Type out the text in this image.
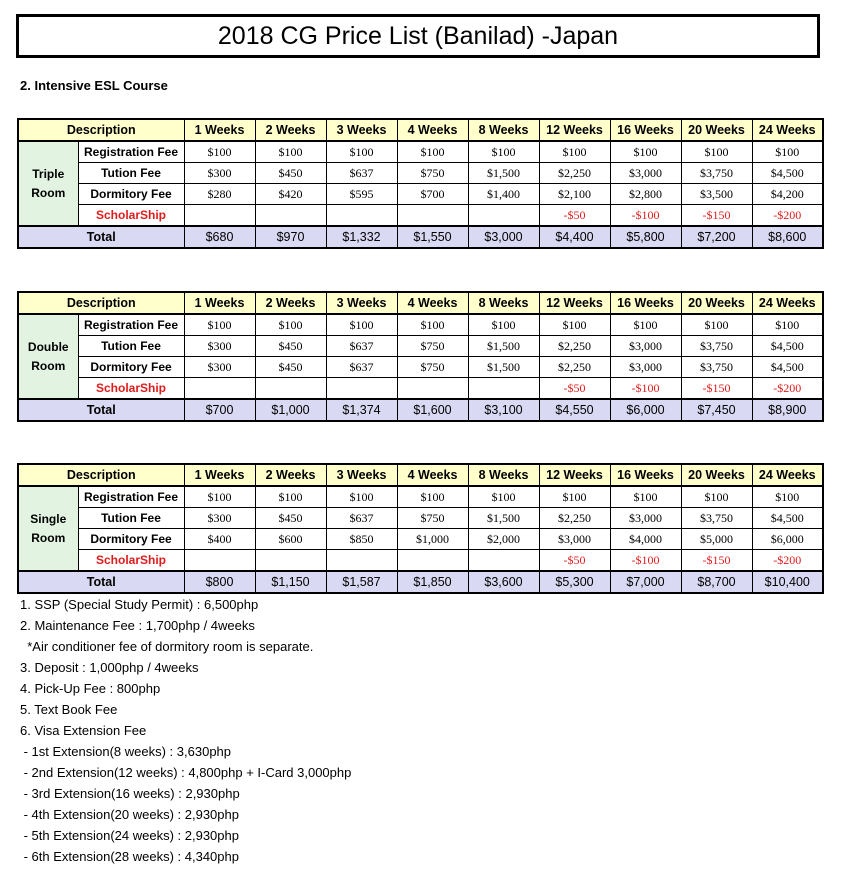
2018 CG Price List (Banilad) -Japan
2. Intensive ESL Course
Description		1 Weeks	2 Weeks	3 Weeks	4 Weeks	8 Weeks	12 Weeks	16 Weeks	20 Weeks	24 Weeks

Triple
Room	Registration Fee	$100	$100	$100	$100	$100	$100	$100	$100	$100
	Tution Fee	$300	$450	$637	$750	$1,500	$2,250	$3,000	$3,750	$4,500
	Dormitory Fee	$280	$420	$595	$700	$1,400	$2,100	$2,800	$3,500	$4,200
	ScholarShip						-$50	-$100	-$150	-$200
Total		$680	$970	$1,332	$1,550	$3,000	$4,400	$5,800	$7,200	$8,600
Description		1 Weeks	2 Weeks	3 Weeks	4 Weeks	8 Weeks	12 Weeks	16 Weeks	20 Weeks	24 Weeks

Double
Room	Registration Fee	$100	$100	$100	$100	$100	$100	$100	$100	$100
	Tution Fee	$300	$450	$637	$750	$1,500	$2,250	$3,000	$3,750	$4,500
	Dormitory Fee	$300	$450	$637	$750	$1,500	$2,250	$3,000	$3,750	$4,500
	ScholarShip						-$50	-$100	-$150	-$200
Total		$700	$1,000	$1,374	$1,600	$3,100	$4,550	$6,000	$7,450	$8,900
Description		1 Weeks	2 Weeks	3 Weeks	4 Weeks	8 Weeks	12 Weeks	16 Weeks	20 Weeks	24 Weeks

Single
Room	Registration Fee	$100	$100	$100	$100	$100	$100	$100	$100	$100
	Tution Fee	$300	$450	$637	$750	$1,500	$2,250	$3,000	$3,750	$4,500
	Dormitory Fee	$400	$600	$850	$1,000	$2,000	$3,000	$4,000	$5,000	$6,000
	ScholarShip						-$50	-$100	-$150	-$200
Total		$800	$1,150	$1,587	$1,850	$3,600	$5,300	$7,000	$8,700	$10,400
1. SSP (Special Study Permit) : 6,500php
2. Maintenance Fee : 1,700php / 4weeks
*Air conditioner fee of dormitory room is separate.
3. Deposit : 1,000php / 4weeks
4. Pick-Up Fee : 800php
5. Text Book Fee
6. Visa Extension Fee
- 1st Extension(8 weeks) : 3,630php
- 2nd Extension(12 weeks) : 4,800php + I-Card 3,000php
- 3rd Extension(16 weeks) : 2,930php
- 4th Extension(20 weeks) : 2,930php
- 5th Extension(24 weeks) : 2,930php
- 6th Extension(28 weeks) : 4,340php
